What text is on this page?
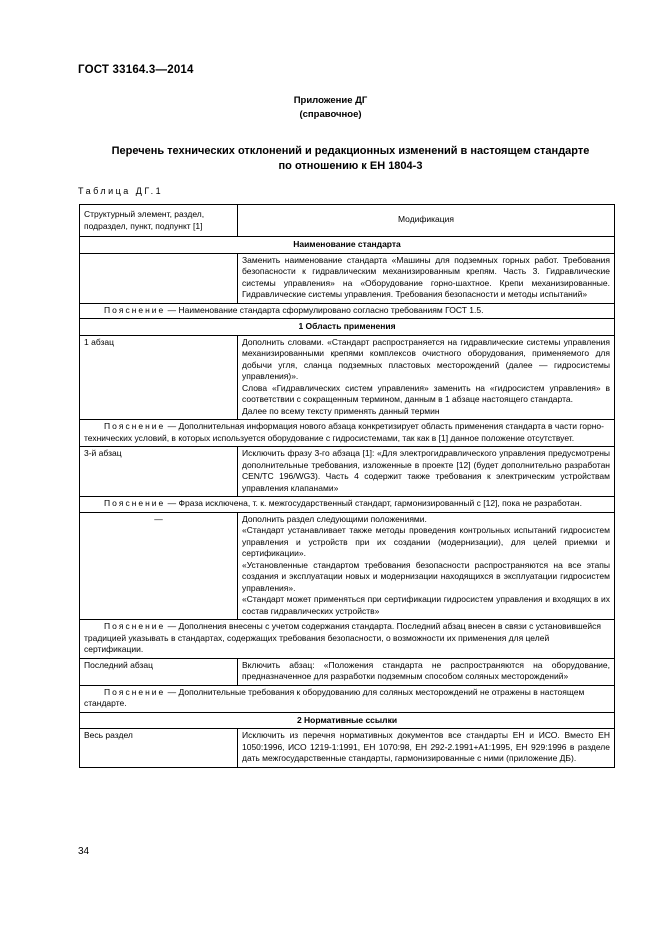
ГОСТ 33164.3—2014
Приложение ДГ
(справочное)
Перечень технических отклонений и редакционных изменений в настоящем стандарте
по отношению к ЕН 1804-3
Таблица ДГ.1
Структурный элемент, раздел, подраздел, пункт, подпункт [1]	Модификация
Наименование стандарта	
	Заменить наименование стандарта «Машины для подземных горных работ. Требования безопасности к гидравлическим механизированным крепям. Часть 3. Гидравлические системы управления» на «Оборудование горно-шахтное. Крепи механизированные. Гидравлические системы управления. Требования безопасности и методы испытаний»
Пояснение — Наименование стандарта сформулировано согласно требованиям ГОСТ 1.5.	
1 Область применения	
1 абзац	Дополнить словами. «Стандарт распространяется на гидравлические системы управления механизированными крепями комплексов очистного оборудования, применяемого для добычи угля, сланца подземных пластовых месторождений (далее — гидросистемы управления)».
Слова «Гидравлических систем управления» заменить на «гидросистем управления» в соответствии с сокращенным термином, данным в 1 абзаце настоящего стандарта.
Далее по всему тексту применять данный термин

Пояснение — Дополнительная информация нового абзаца конкретизирует область применения стандарта в части горно-технических условий, в которых используется оборудование с гидросистемами, так как в [1] данное положение отсутствует.	
3-й абзац	Исключить фразу 3-го абзаца [1]: «Для электрогидравлического управления предусмотрены дополнительные требования, изложенные в проекте [12] (будет дополнительно разработан CEN/TC 196/WG3). Часть 4 содержит также требования к электрическим устройствам управления клапанами»
Пояснение — Фраза исключена, т. к. межгосударственный стандарт, гармонизированный с [12], пока не разработан.	
—	Дополнить раздел следующими положениями.
«Стандарт устанавливает также методы проведения контрольных испытаний гидросистем управления и устройств при их создании (модернизации), для целей приемки и сертификации».
«Установленные стандартом требования безопасности распространяются на все этапы создания и эксплуатации новых и модернизации находящихся в эксплуатации гидросистем управления».
«Стандарт может применяться при сертификации гидросистем управления и входящих в их состав гидравлических устройств»

Пояснение — Дополнения внесены с учетом содержания стандарта. Последний абзац внесен в связи с установившейся традицией указывать в стандартах, содержащих требования безопасности, о возможности их применения для целей сертификации.	
Последний абзац	Включить абзац: «Положения стандарта не распространяются на оборудование, предназначенное для разработки подземным способом соляных месторождений»
Пояснение — Дополнительные требования к оборудованию для соляных месторождений не отражены в настоящем стандарте.	
2 Нормативные ссылки	
Весь раздел	Исключить из перечня нормативных документов все стандарты ЕН и ИСО. Вместо ЕН 1050:1996, ИСО 1219-1:1991, ЕН 1070:98, ЕН 292-2.1991+А1:1995, ЕН 929:1996 в разделе дать межгосударственные стандарты, гармонизированные с ними (приложение ДБ).
34
